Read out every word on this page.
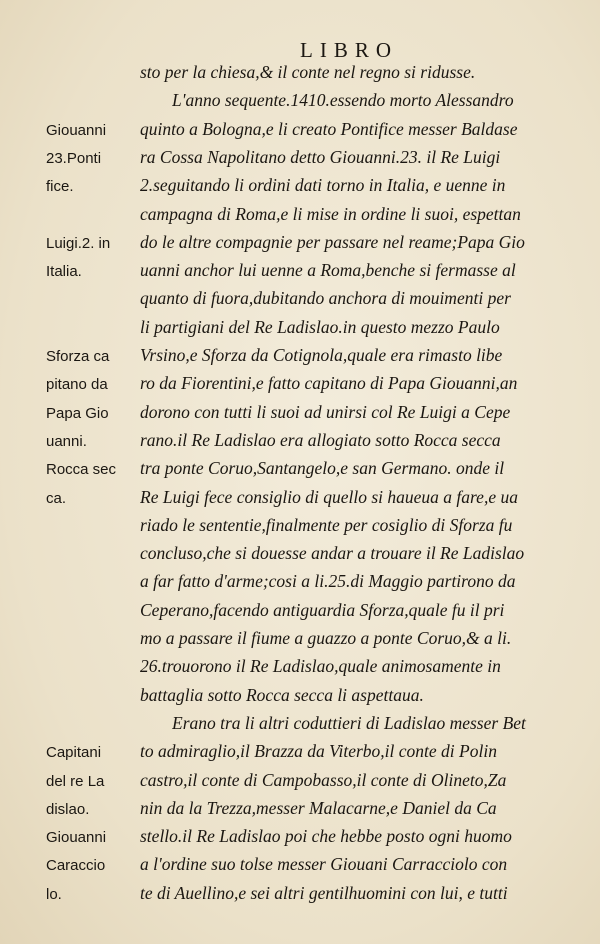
LIBRO
sto per la chiesa,& il conte nel regno si ridusse.
L'anno sequente.1410.essendo morto Alessandro
quinto a Bologna,e li creato Pontifice messer Baldase
ra Cossa Napolitano detto Giouanni.23. il Re Luigi
2.seguitando li ordini dati torno in Italia, e uenne in
campagna di Roma,e li mise in ordine li suoi, espettan
do le altre compagnie per passare nel reame;Papa Gio
uanni anchor lui uenne a Roma,benche si fermasse al
quanto di fuora,dubitando anchora di mouimenti per
li partigiani del Re Ladislao.in questo mezzo Paulo
Vrsino,e Sforza da Cotignola,quale era rimasto libe
ro da Fiorentini,e fatto capitano di Papa Giouanni,an
dorono con tutti li suoi ad unirsi col Re Luigi a Cepe
rano.il Re Ladislao era allogiato sotto Rocca secca
tra ponte Coruo,Santangelo,e san Germano. onde il
Re Luigi fece consiglio di quello si haueua a fare,e ua
riado le sententie,finalmente per cosiglio di Sforza fu
concluso,che si douesse andar a trouare il Re Ladislao
a far fatto d'arme;cosi a li.25.di Maggio partirono da
Ceperano,facendo antiguardia Sforza,quale fu il pri
mo a passare il fiume a guazzo a ponte Coruo,& a li.
26.trouorono il Re Ladislao,quale animosamente in
battaglia sotto Rocca secca li aspettaua.
Erano tra li altri coduttieri di Ladislao messer Bet
to admiraglio,il Brazza da Viterbo,il conte di Polin
castro,il conte di Campobasso,il conte di Olineto,Za
nin da la Trezza,messer Malacarne,e Daniel da Ca
stello.il Re Ladislao poi che hebbe posto ogni huomo
a l'ordine suo tolse messer Giouani Carracciolo con
te di Auellino,e sei altri gentilhuomini con lui, e tutti
Giouanni
23.Ponti
fice.
Luigi.2. in
Italia.
Sforza ca
pitano da
Papa Gio
uanni.
Rocca sec
ca.
Capitani
del re La
dislao.
Giouanni
Caraccio
lo.
